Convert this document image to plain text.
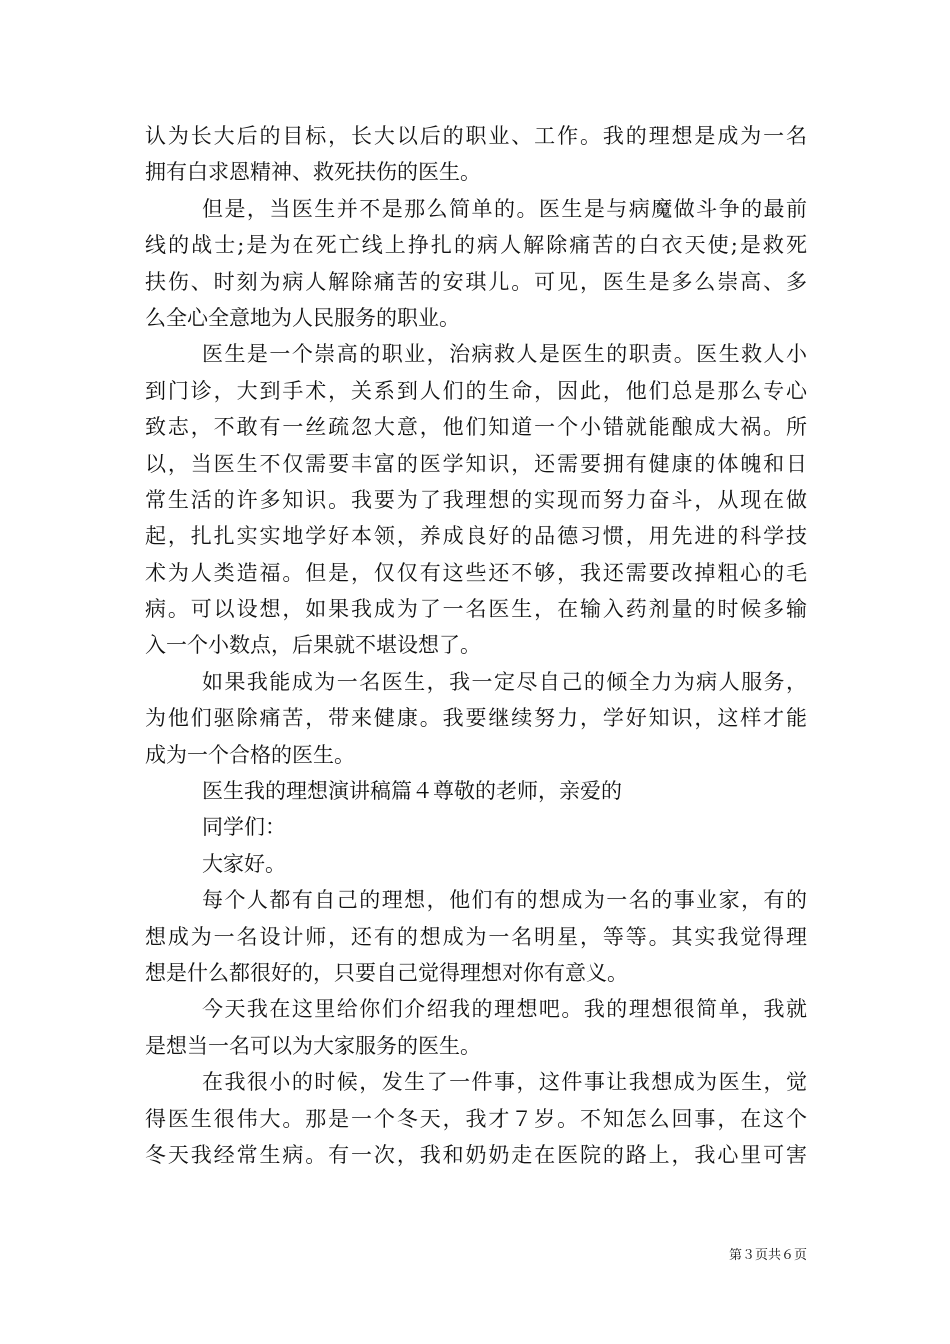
认为长大后的目标，长大以后的职业、工作。我的理想是成为一名
拥有白求恩精神、救死扶伤的医生。
但是，当医生并不是那么简单的。医生是与病魔做斗争的最前
线的战士;是为在死亡线上挣扎的病人解除痛苦的白衣天使;是救死
扶伤、时刻为病人解除痛苦的安琪儿。可见，医生是多么崇高、多
么全心全意地为人民服务的职业。
医生是一个崇高的职业，治病救人是医生的职责。医生救人小
到门诊，大到手术，关系到人们的生命，因此，他们总是那么专心
致志，不敢有一丝疏忽大意，他们知道一个小错就能酿成大祸。所
以，当医生不仅需要丰富的医学知识，还需要拥有健康的体魄和日
常生活的许多知识。我要为了我理想的实现而努力奋斗，从现在做
起，扎扎实实地学好本领，养成良好的品德习惯，用先进的科学技
术为人类造福。但是，仅仅有这些还不够，我还需要改掉粗心的毛
病。可以设想，如果我成为了一名医生，在输入药剂量的时候多输
入一个小数点，后果就不堪设想了。
如果我能成为一名医生，我一定尽自己的倾全力为病人服务，
为他们驱除痛苦，带来健康。我要继续努力，学好知识，这样才能
成为一个合格的医生。
医生我的理想演讲稿篇４尊敬的老师，亲爱的
同学们：
大家好。
每个人都有自己的理想，他们有的想成为一名的事业家，有的
想成为一名设计师，还有的想成为一名明星，等等。其实我觉得理
想是什么都很好的，只要自己觉得理想对你有意义。
今天我在这里给你们介绍我的理想吧。我的理想很简单，我就
是想当一名可以为大家服务的医生。
在我很小的时候，发生了一件事，这件事让我想成为医生，觉
得医生很伟大。那是一个冬天，我才７岁。不知怎么回事，在这个
冬天我经常生病。有一次，我和奶奶走在医院的路上，我心里可害
第３页共６页
